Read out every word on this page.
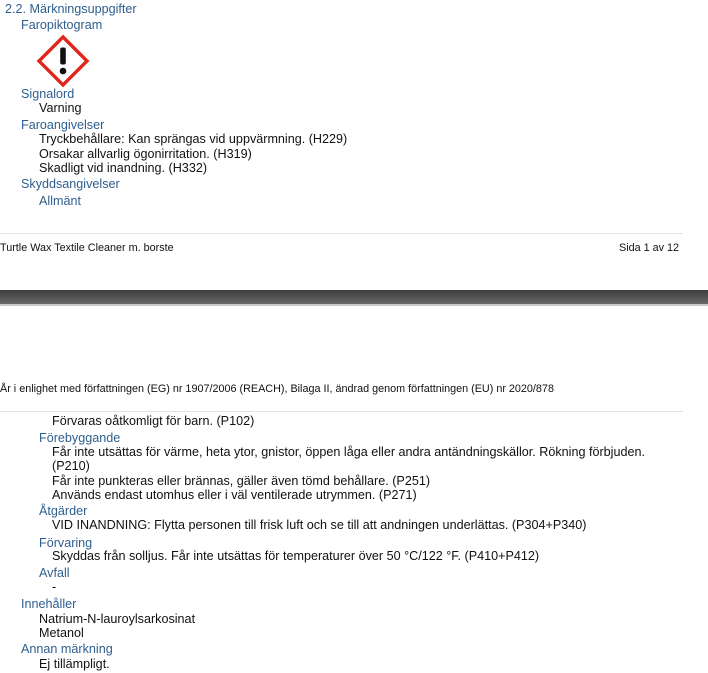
2.2. Märkningsuppgifter
Faropiktogram
Signalord
Varning
Faroangivelser
Tryckbehållare: Kan sprängas vid uppvärmning. (H229)
Orsakar allvarlig ögonirritation. (H319)
Skadligt vid inandning. (H332)
Skyddsangivelser
Allmänt
Turtle Wax Textile Cleaner m. borste	Sida 1 av 12
År i enlighet med författningen (EG) nr 1907/2006 (REACH), Bilaga II, ändrad genom författningen (EU) nr 2020/878
Förvaras oåtkomligt för barn. (P102)
Förebyggande
Får inte utsättas för värme, heta ytor, gnistor, öppen låga eller andra antändningskällor. Rökning förbjuden.
(P210)
Får inte punkteras eller brännas, gäller även tömd behållare. (P251)
Används endast utomhus eller i väl ventilerade utrymmen. (P271)
Åtgärder
VID INANDNING: Flytta personen till frisk luft och se till att andningen underlättas. (P304+P340)
Förvaring
Skyddas från solljus. Får inte utsättas för temperaturer över 50 °C/122 °F. (P410+P412)
Avfall
-
Innehåller
Natrium-N-lauroylsarkosinat
Metanol
Annan märkning
Ej tillämpligt.
